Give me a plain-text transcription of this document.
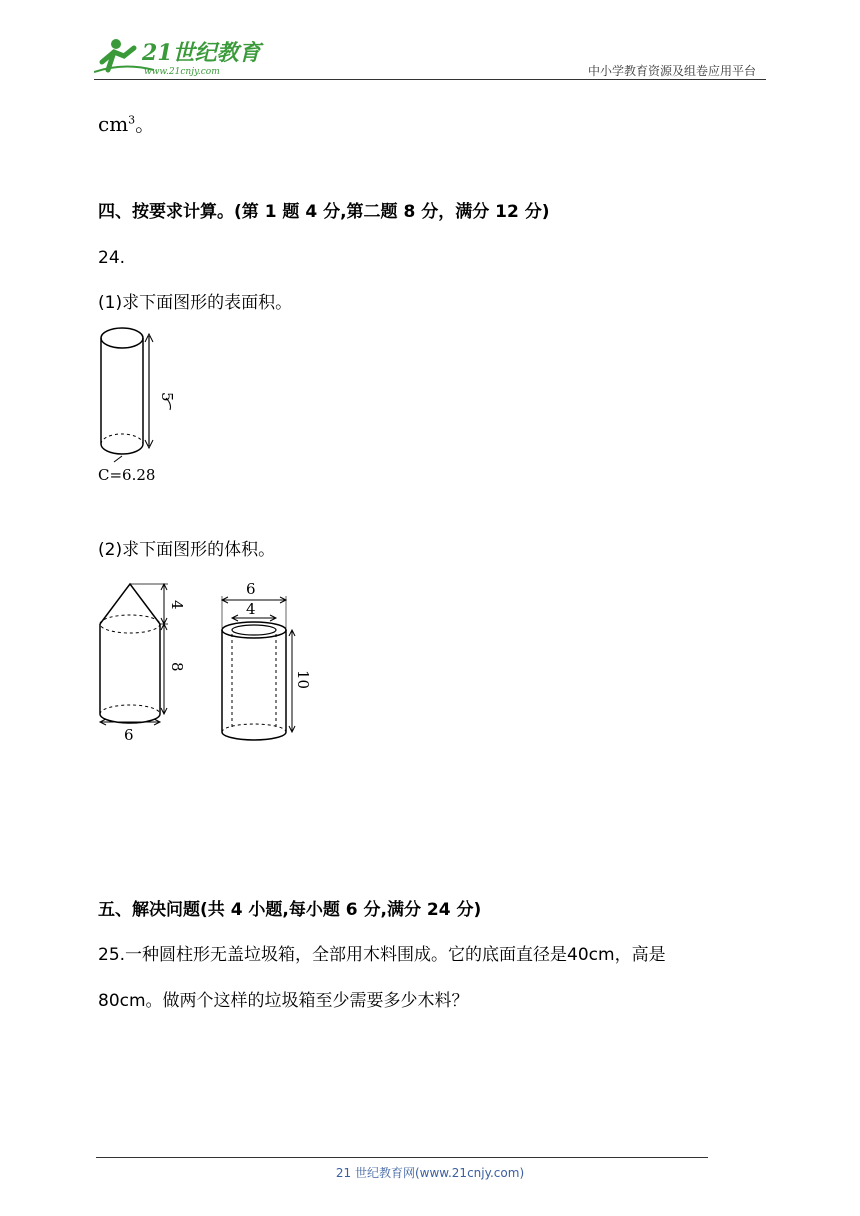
21世纪教育
www.21cnjy.com	中小学教育资源及组卷应用平台
$cm^3$。
四、按要求计算。(第 1 题 4 分,第二题 8 分，满分 12 分)
24.
(1)求下面图形的表面积。
5
C=6.28
(2)求下面图形的体积。
4
8
6
6
4
10
五、解决问题(共 4 小题,每小题 6 分,满分 24 分)
25.一种圆柱形无盖垃圾箱，全部用木料围成。它的底面直径是40cm，高是
80cm。做两个这样的垃圾箱至少需要多少木料？
21 世纪教育网(www.21cnjy.com)
